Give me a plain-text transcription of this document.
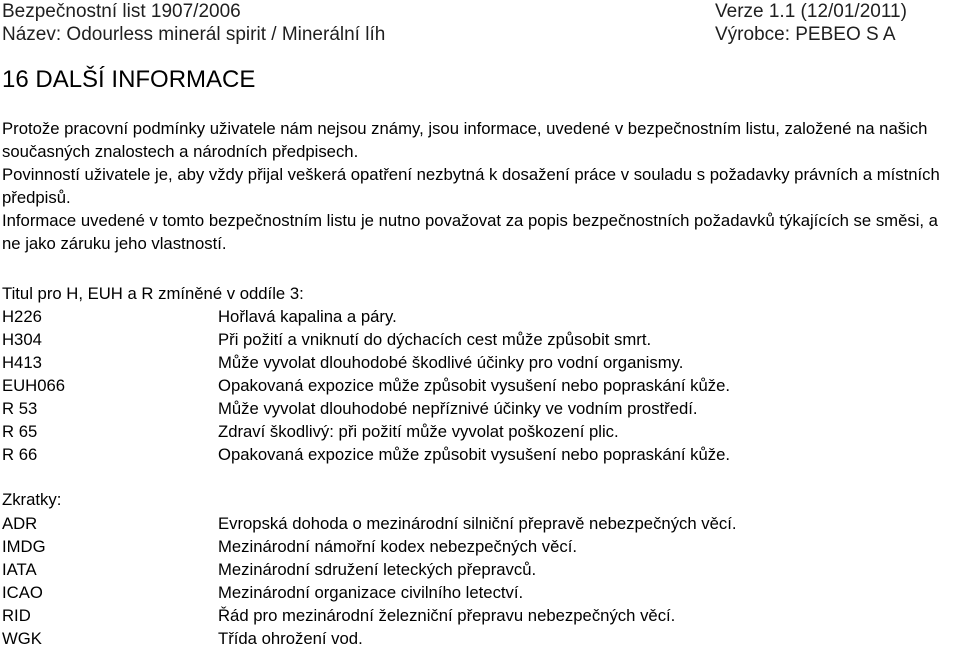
Bezpečnostní list 1907/2006	Verze 1.1 (12/01/2011)
Název: Odourless minerál spirit / Minerální líh	Výrobce: PEBEO S A
16 DALŠÍ INFORMACE

Protože pracovní podmínky uživatele nám nejsou známy, jsou informace, uvedené v bezpečnostním listu, založené na našich současných znalostech a národních předpisech.

Povinností uživatele je, aby vždy přijal veškerá opatření nezbytná k dosažení práce v souladu s požadavky právních a místních předpisů.

Informace uvedené v tomto bezpečnostním listu je nutno považovat za popis bezpečnostních požadavků týkajících se směsi, a ne jako záruku jeho vlastností.

Titul pro H, EUH a R zmíněné v oddíle 3:
H226	Hořlavá kapalina a páry.
H304	Při požití a vniknutí do dýchacích cest může způsobit smrt.
H413	Může vyvolat dlouhodobé škodlivé účinky pro vodní organismy.
EUH066	Opakovaná expozice může způsobit vysušení nebo popraskání kůže.
R 53	Může vyvolat dlouhodobé nepříznivé účinky ve vodním prostředí.
R 65	Zdraví škodlivý: při požití může vyvolat poškození plic.
R 66	Opakovaná expozice může způsobit vysušení nebo popraskání kůže.
Zkratky:
ADR	Evropská dohoda o mezinárodní silniční přepravě nebezpečných věcí.
IMDG	Mezinárodní námořní kodex nebezpečných věcí.
IATA	Mezinárodní sdružení leteckých přepravců.
ICAO	Mezinárodní organizace civilního letectví.
RID	Řád pro mezinárodní železniční přepravu nebezpečných věcí.
WGK	Třída ohrožení vod.
